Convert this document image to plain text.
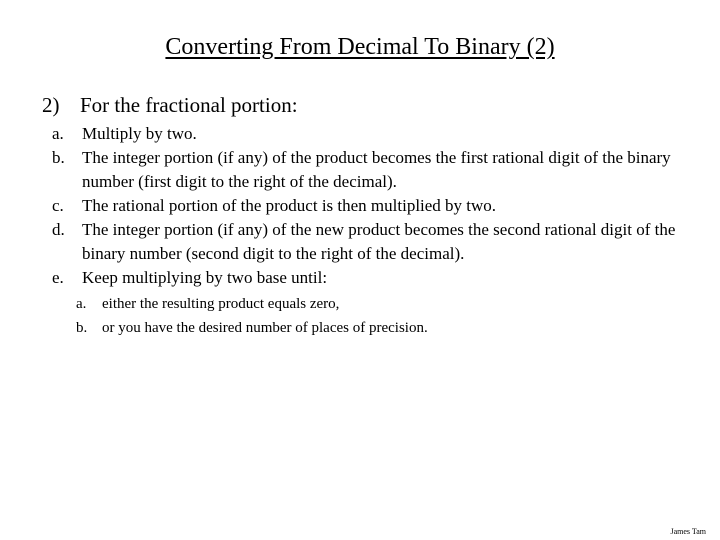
Converting From Decimal To Binary (2)
2) For the fractional portion:
a.	Multiply by two.
b.	The integer portion (if any) of the product becomes the first rational digit of the binary number (first digit to the right of the decimal).
c.	The rational portion of the product is then multiplied by two.
d.	The integer portion (if any) of the new product becomes the second rational digit of the binary number (second digit to the right of the decimal).
e.	Keep multiplying by two base until:
a.	either the resulting product equals zero,
b. or you have the desired number of places of precision.
James Tam
